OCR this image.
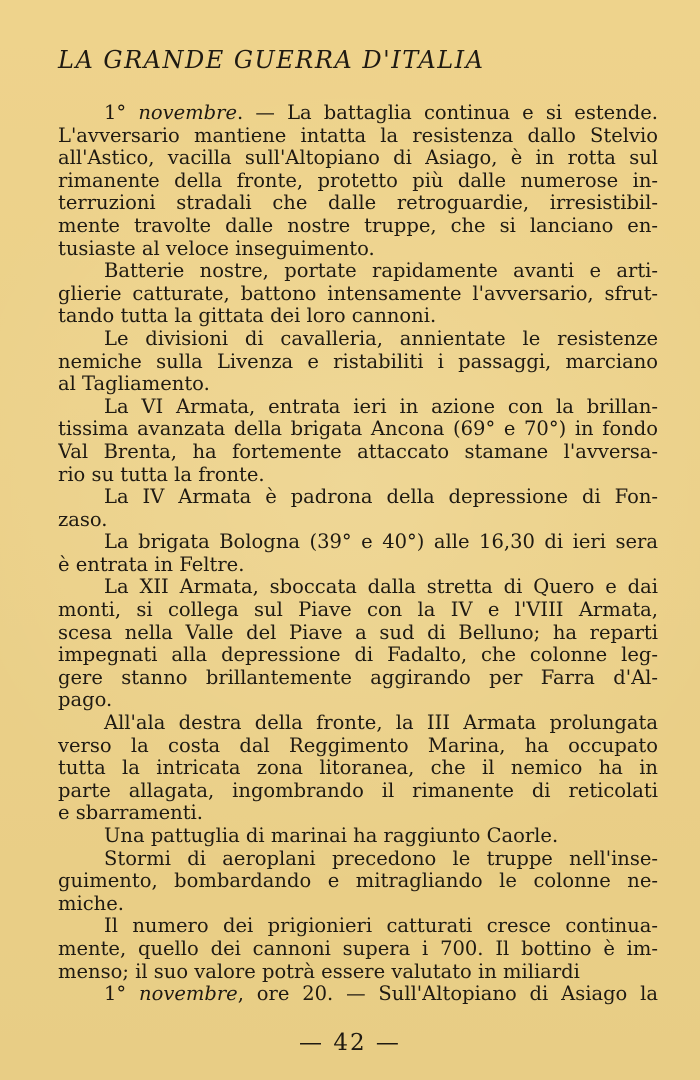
LA GRANDE GUERRA D'ITALIA
1° novembre. — La battaglia continua e si estende.
L'avversario mantiene intatta la resistenza dallo Stelvio
all'Astico, vacilla sull'Altopiano di Asiago, è in rotta sul
rimanente della fronte, protetto più dalle numerose in-
terruzioni stradali che dalle retroguardie, irresistibil-
mente travolte dalle nostre truppe, che si lanciano en-
tusiaste al veloce inseguimento.
Batterie nostre, portate rapidamente avanti e arti-
glierie catturate, battono intensamente l'avversario, sfrut-
tando tutta la gittata dei loro cannoni.
Le divisioni di cavalleria, annientate le resistenze
nemiche sulla Livenza e ristabiliti i passaggi, marciano
al Tagliamento.
La VI Armata, entrata ieri in azione con la brillan-
tissima avanzata della brigata Ancona (69° e 70°) in fondo
Val Brenta, ha fortemente attaccato stamane l'avversa-
rio su tutta la fronte.
La IV Armata è padrona della depressione di Fon-
zaso.
La brigata Bologna (39° e 40°) alle 16,30 di ieri sera
è entrata in Feltre.
La XII Armata, sboccata dalla stretta di Quero e dai
monti, si collega sul Piave con la IV e l'VIII Armata,
scesa nella Valle del Piave a sud di Belluno; ha reparti
impegnati alla depressione di Fadalto, che colonne leg-
gere stanno brillantemente aggirando per Farra d'Al-
pago.
All'ala destra della fronte, la III Armata prolungata
verso la costa dal Reggimento Marina, ha occupato
tutta la intricata zona litoranea, che il nemico ha in
parte allagata, ingombrando il rimanente di reticolati
e sbarramenti.
Una pattuglia di marinai ha raggiunto Caorle.
Stormi di aeroplani precedono le truppe nell'inse-
guimento, bombardando e mitragliando le colonne ne-
miche.
Il numero dei prigionieri catturati cresce continua-
mente, quello dei cannoni supera i 700. Il bottino è im-
menso; il suo valore potrà essere valutato in miliardi
1° novembre, ore 20. — Sull'Altopiano di Asiago la
— 42 —
